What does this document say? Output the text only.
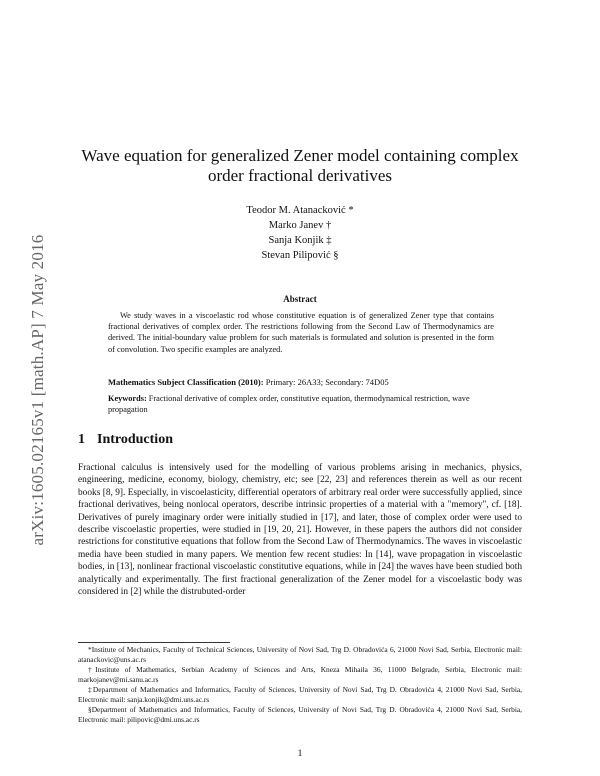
arXiv:1605.02165v1 [math.AP] 7 May 2016
Wave equation for generalized Zener model containing complex order fractional derivatives
Teodor M. Atanacković *
Marko Janev †
Sanja Konjik ‡
Stevan Pilipović §
Abstract
We study waves in a viscoelastic rod whose constitutive equation is of generalized Zener type that contains fractional derivatives of complex order. The restrictions following from the Second Law of Thermodynamics are derived. The initial-boundary value problem for such materials is formulated and solution is presented in the form of convolution. Two specific examples are analyzed.
Mathematics Subject Classification (2010): Primary: 26A33; Secondary: 74D05
Keywords: Fractional derivative of complex order, constitutive equation, thermodynamical restriction, wave propagation
1 Introduction
Fractional calculus is intensively used for the modelling of various problems arising in mechanics, physics, engineering, medicine, economy, biology, chemistry, etc; see [22, 23] and references therein as well as our recent books [8, 9]. Especially, in viscoelasticity, differential operators of arbitrary real order were successfully applied, since fractional derivatives, being nonlocal operators, describe intrinsic properties of a material with a "memory", cf. [18]. Derivatives of purely imaginary order were initially studied in [17], and later, those of complex order were used to describe viscoelastic properties, were studied in [19, 20, 21]. However, in these papers the authors did not consider restrictions for constitutive equations that follow from the Second Law of Thermodynamics. The waves in viscoelastic media have been studied in many papers. We mention few recent studies: In [14], wave propagation in viscoelastic bodies, in [13], nonlinear fractional viscoelastic constitutive equations, while in [24] the waves have been studied both analytically and experimentally. The first fractional generalization of the Zener model for a viscoelastic body was considered in [2] while the distrubuted-order
*Institute of Mechanics, Faculty of Technical Sciences, University of Novi Sad, Trg D. Obradovića 6, 21000 Novi Sad, Serbia, Electronic mail: atanackovic@uns.ac.rs
†Institute of Mathematics, Serbian Academy of Sciences and Arts, Kneza Mihaila 36, 11000 Belgrade, Serbia, Electronic mail: markojanev@mi.sanu.ac.rs
‡Department of Mathematics and Informatics, Faculty of Sciences, University of Novi Sad, Trg D. Obradovića 4, 21000 Novi Sad, Serbia, Electronic mail: sanja.konjik@dmi.uns.ac.rs
§Department of Mathematics and Informatics, Faculty of Sciences, University of Novi Sad, Trg D. Obradovića 4, 21000 Novi Sad, Serbia, Electronic mail: pilipovic@dmi.uns.ac.rs
1
